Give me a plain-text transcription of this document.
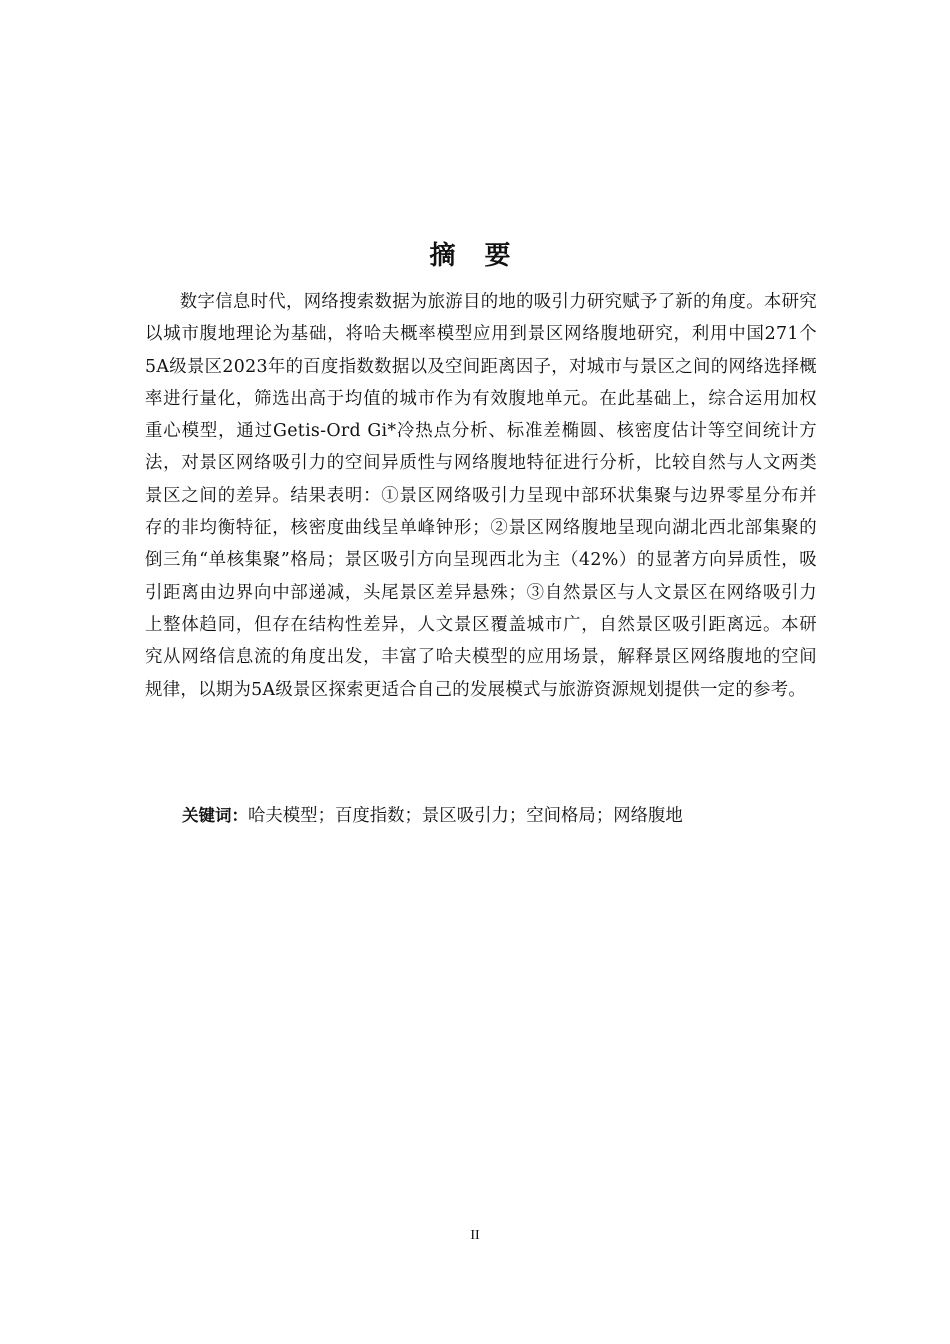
摘 要

数字信息时代，网络搜索数据为旅游目的地的吸引力研究赋予了新的角度。本研究以城市腹地理论为基础，将哈夫概率模型应用到景区网络腹地研究，利用中国271个5A级景区2023年的百度指数数据以及空间距离因子，对城市与景区之间的网络选择概率进行量化，筛选出高于均值的城市作为有效腹地单元。在此基础上，综合运用加权重心模型，通过Getis-Ord Gi*冷热点分析、标准差椭圆、核密度估计等空间统计方法，对景区网络吸引力的空间异质性与网络腹地特征进行分析，比较自然与人文两类景区之间的差异。结果表明：①景区网络吸引力呈现中部环状集聚与边界零星分布并存的非均衡特征，核密度曲线呈单峰钟形；②景区网络腹地呈现向湖北西北部集聚的倒三角“单核集聚”格局；景区吸引方向呈现西北为主（42%）的显著方向异质性，吸引距离由边界向中部递减，头尾景区差异悬殊；③自然景区与人文景区在网络吸引力上整体趋同，但存在结构性差异，人文景区覆盖城市广，自然景区吸引距离远。本研究从网络信息流的角度出发，丰富了哈夫模型的应用场景，解释景区网络腹地的空间规律，以期为5A级景区探索更适合自己的发展模式与旅游资源规划提供一定的参考。

关键词：哈夫模型；百度指数；景区吸引力；空间格局；网络腹地
II
